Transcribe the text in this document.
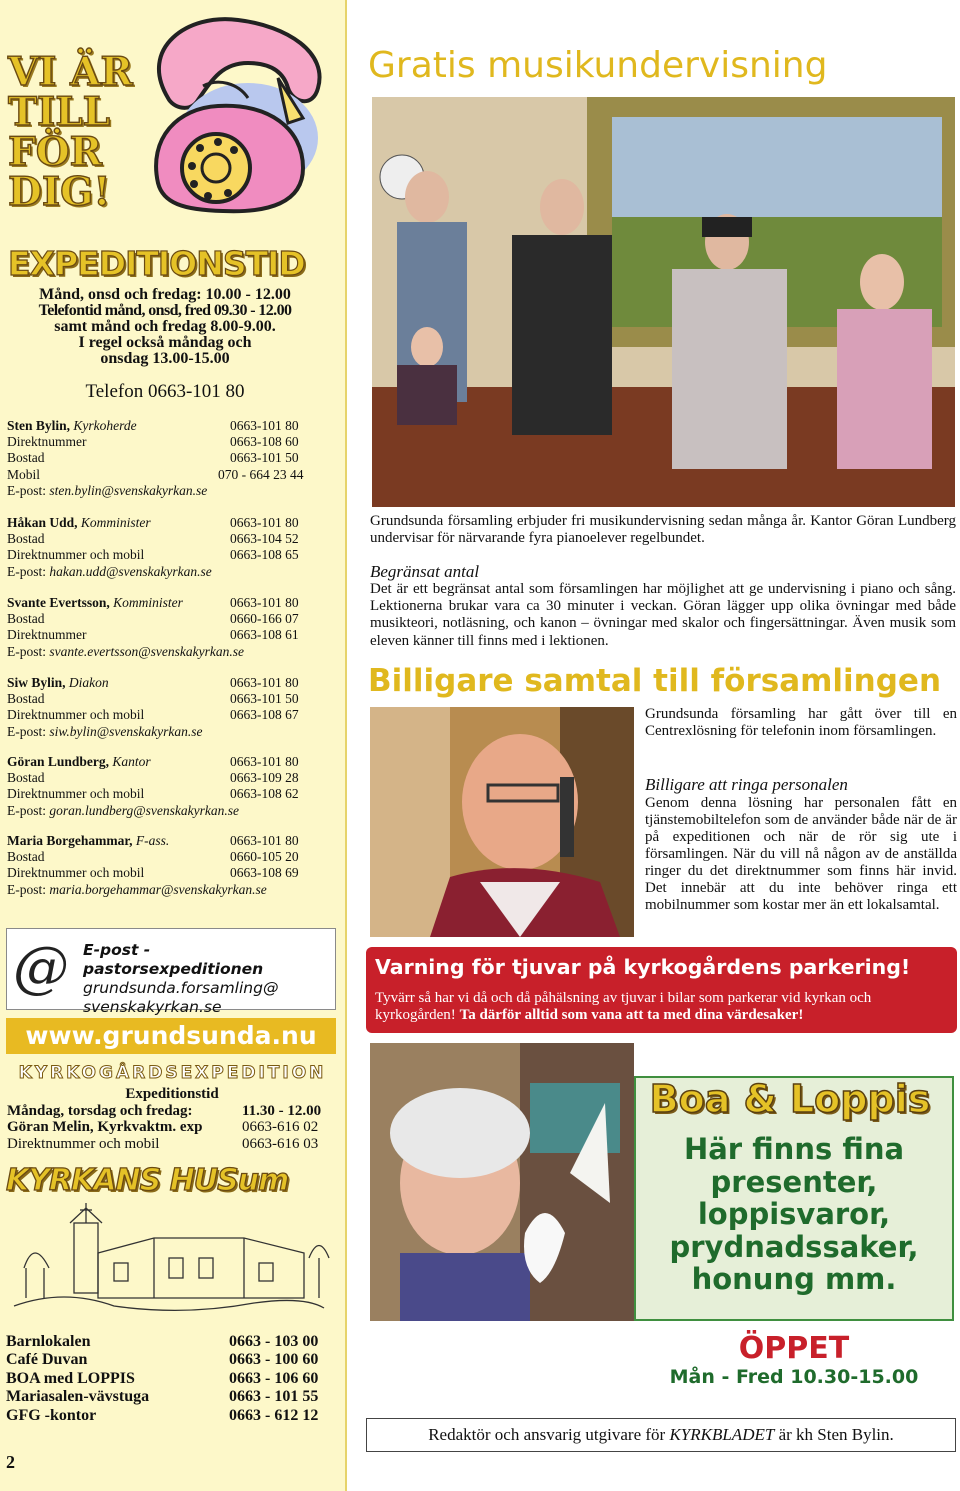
VI ÄR
TILL
FÖR
DIG!
EXPEDITIONSTID
Månd, onsd och fredag: 10.00 - 12.00
Telefontid månd, onsd, fred 09.30 - 12.00
samt månd och fredag 8.00-9.00.
I regel också måndag och
onsdag 13.00-15.00
Telefon 0663-101 80
Sten Bylin, Kyrkoherde	0663-101 80
Direktnummer	0663-108 60
Bostad	0663-101 50
Mobil	070 - 664 23 44
E-post: sten.bylin@svenskakyrkan.se
Håkan Udd, Komminister	0663-101 80
Bostad	0663-104 52
Direktnummer och mobil	0663-108 65
E-post: hakan.udd@svenskakyrkan.se
Svante Evertsson, Komminister	0663-101 80
Bostad	0660-166 07
Direktnummer	0663-108 61
E-post: svante.evertsson@svenskakyrkan.se
Siw Bylin, Diakon	0663-101 80
Bostad	0663-101 50
Direktnummer och mobil	0663-108 67
E-post: siw.bylin@svenskakyrkan.se
Göran Lundberg, Kantor	0663-101 80
Bostad	0663-109 28
Direktnummer och mobil	0663-108 62
E-post: goran.lundberg@svenskakyrkan.se
Maria Borgehammar, F-ass.	0663-101 80
Bostad	0660-105 20
Direktnummer och mobil	0663-108 69
E-post: maria.borgehammar@svenskakyrkan.se
@ E-post - pastorsexpeditionen
grundsunda.forsamling@
svenskakyrkan.se
www.grundsunda.nu
KYRKOGÅRDSEXPEDITION
Expeditionstid
Måndag, torsdag och fredag:	11.30 - 12.00
Göran Melin, Kyrkvaktm. exp	0663-616 02
Direktnummer och mobil	0663-616 03
KYRKANS HUSum
Barnlokalen	0663 - 103 00
Café Duvan	0663 - 100 60
BOA med LOPPIS	0663 - 106 60
Mariasalen-vävstuga	0663 - 101 55
GFG -kontor	0663 - 612 12
2
Gratis musikundervisning
Grundsunda församling erbjuder fri musikundervisning sedan många år. Kantor Göran Lundberg undervisar för närvarande fyra pianoelever regelbundet.
Begränsat antal
Det är ett begränsat antal som församlingen har möjlighet att ge undervisning i piano och sång. Lektionerna brukar vara ca 30 minuter i veckan. Göran lägger upp olika övningar med både musikteori, notläsning, och kanon – övningar med skalor och fingersättningar. Även musik som eleven känner till finns med i lektionen.
Billigare samtal till församlingen
Grundsunda församling har gått över till en Centrexlösning för telefonin inom församlingen.
Billigare att ringa personalen
Genom denna lösning har personalen fått en tjänstemobiltelefon som de använder både när de är på expeditionen och när de rör sig ute i församlingen. När du vill nå någon av de anställda ringer du det direktnummer som finns här invid. Det innebär att du inte behöver ringa ett mobilnummer som kostar mer än ett lokalsamtal.
Varning för tjuvar på kyrkogårdens parkering!

Tyvärr så har vi då och då påhälsning av tjuvar i bilar som parkerar vid kyrkan och kyrkogården! Ta därför alltid som vana att ta med dina värdesaker!

Boa & Loppis
Här finns fina
presenter,
loppisvaror,
prydnadssaker,
honung mm.
ÖPPET
Mån - Fred 10.30-15.00
Redaktör och ansvarig utgivare för KYRKBLADET är kh Sten Bylin.
